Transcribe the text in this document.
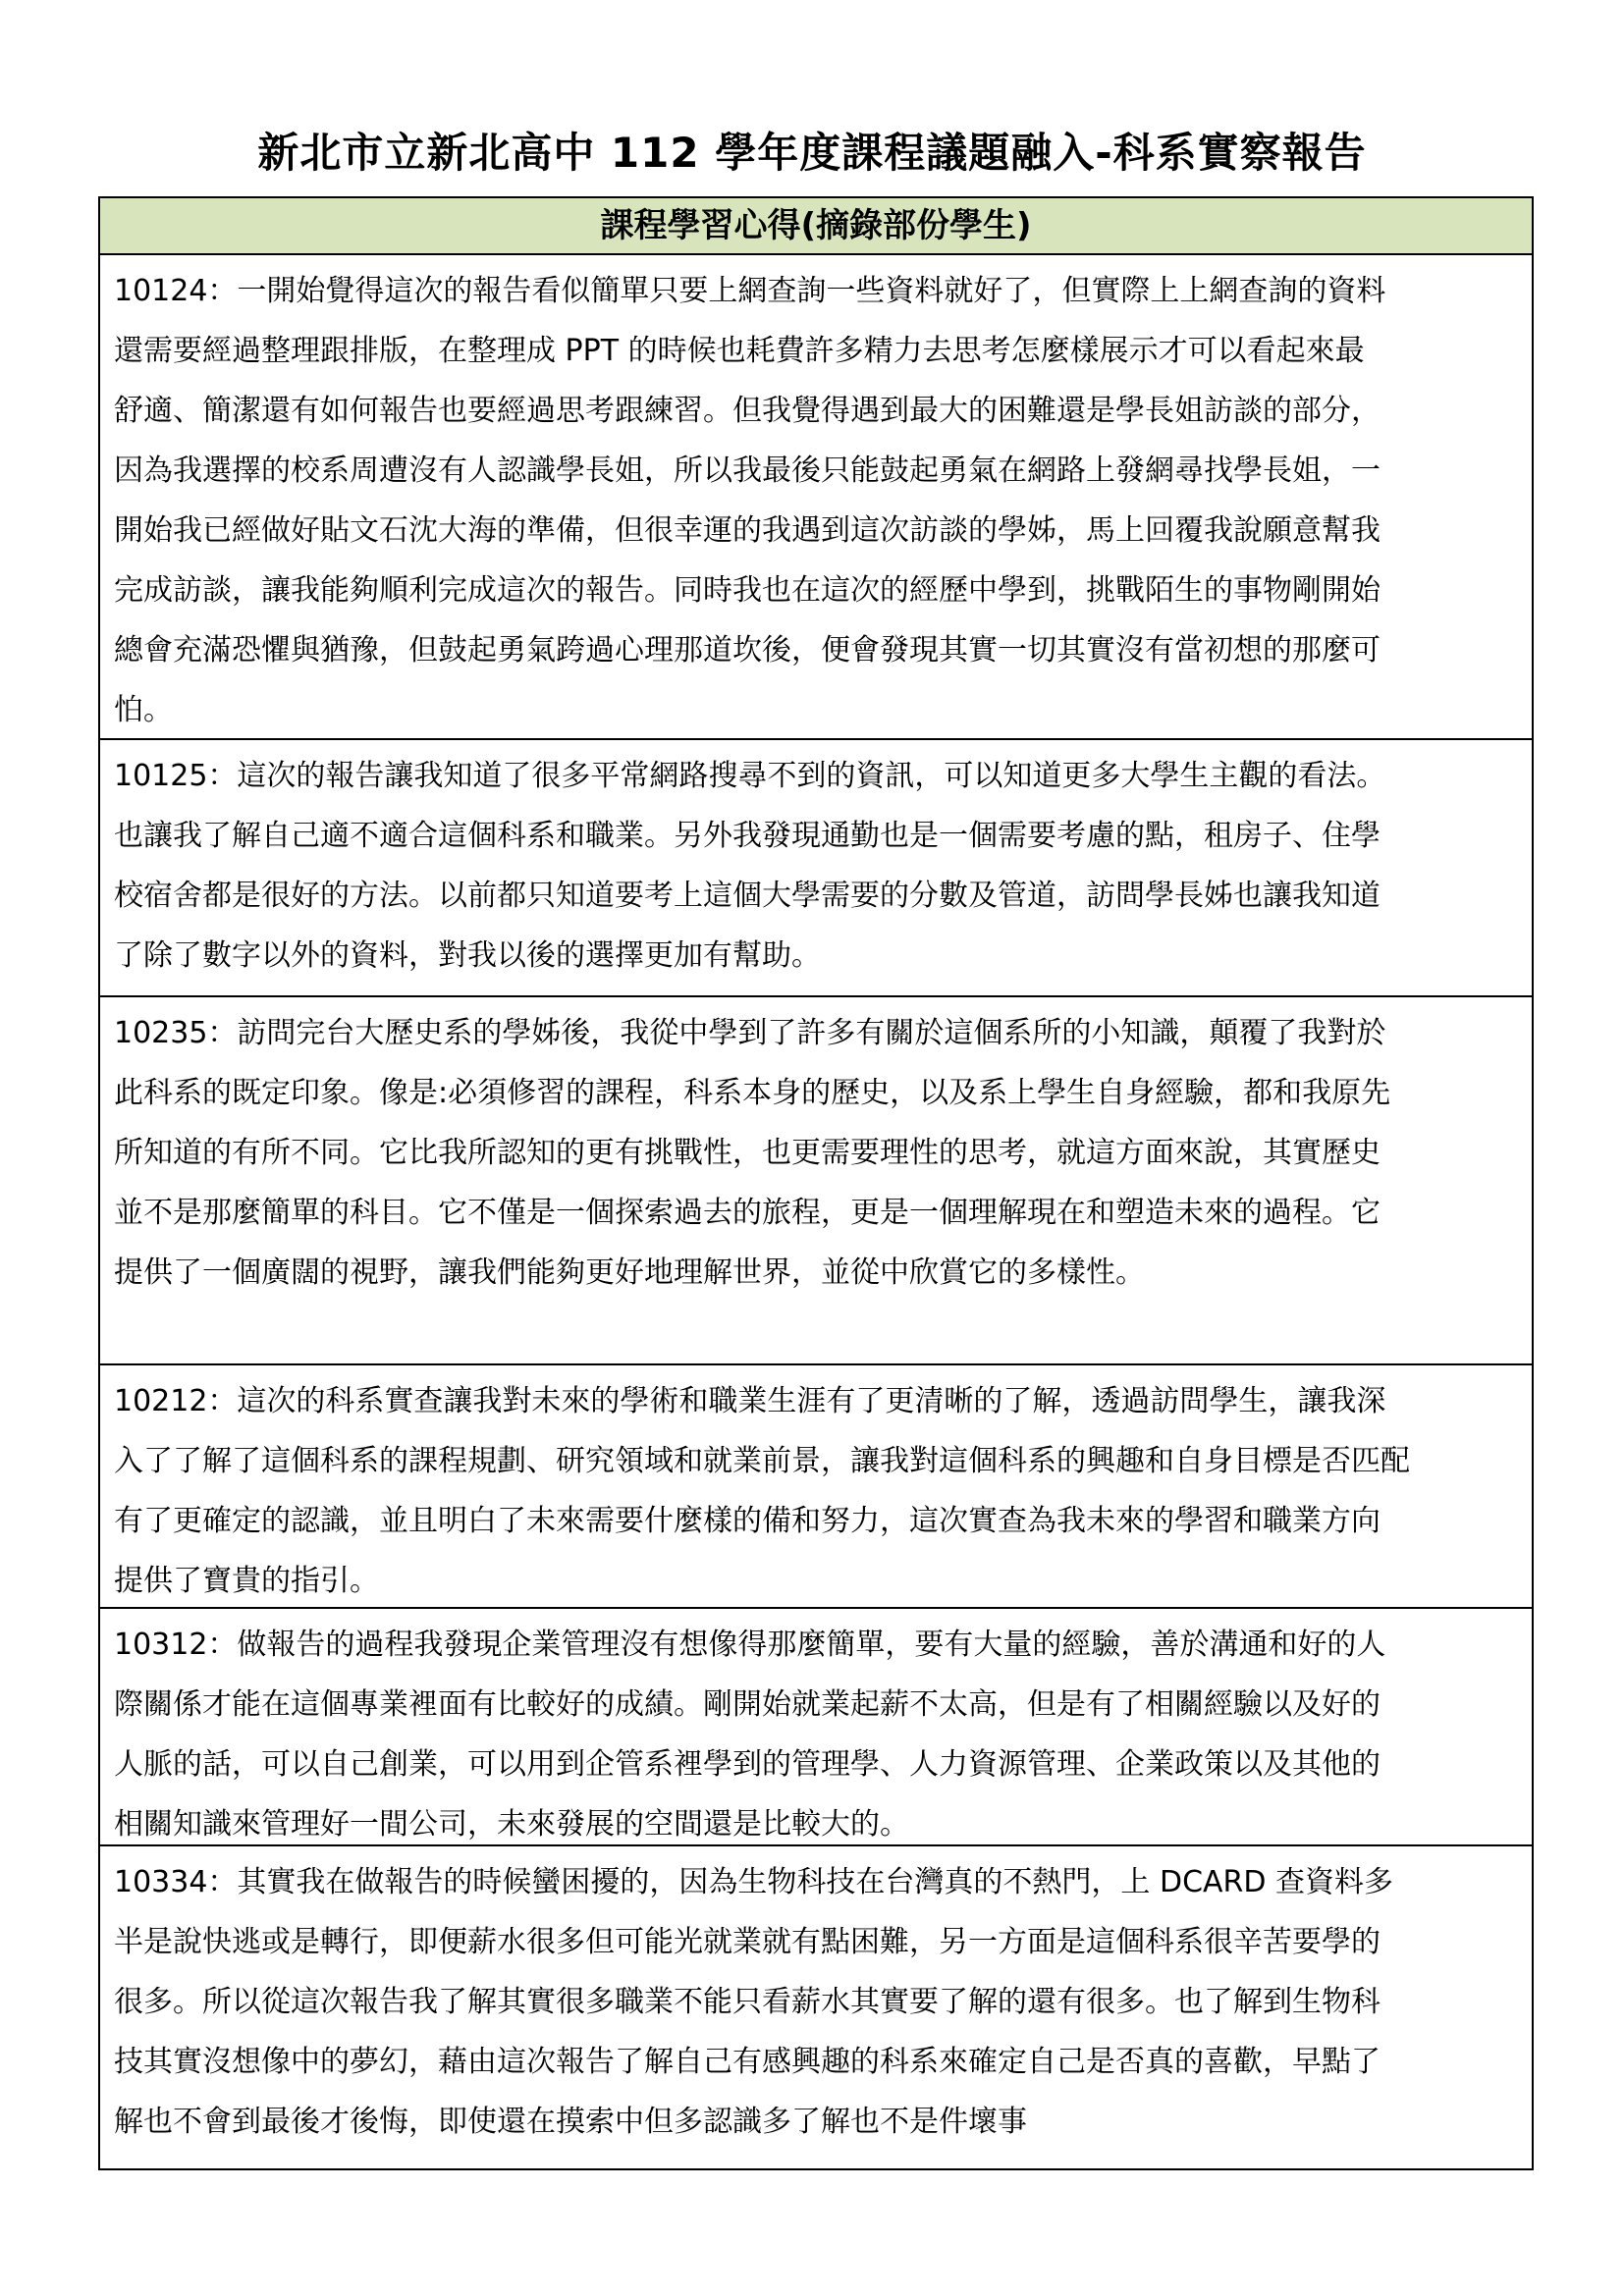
新北市立新北高中 112 學年度課程議題融入-科系實察報告
課程學習心得(摘錄部份學生)
10124：一開始覺得這次的報告看似簡單只要上網查詢一些資料就好了，但實際上上網查詢的資料
還需要經過整理跟排版，在整理成 PPT 的時候也耗費許多精力去思考怎麼樣展示才可以看起來最
舒適、簡潔還有如何報告也要經過思考跟練習。但我覺得遇到最大的困難還是學長姐訪談的部分，
因為我選擇的校系周遭沒有人認識學長姐，所以我最後只能鼓起勇氣在網路上發網尋找學長姐，一
開始我已經做好貼文石沈大海的準備，但很幸運的我遇到這次訪談的學姊，馬上回覆我說願意幫我
完成訪談，讓我能夠順利完成這次的報告。同時我也在這次的經歷中學到，挑戰陌生的事物剛開始
總會充滿恐懼與猶豫，但鼓起勇氣跨過心理那道坎後，便會發現其實一切其實沒有當初想的那麼可
怕。
10125：這次的報告讓我知道了很多平常網路搜尋不到的資訊，可以知道更多大學生主觀的看法。
也讓我了解自己適不適合這個科系和職業。另外我發現通勤也是一個需要考慮的點，租房子、住學
校宿舍都是很好的方法。以前都只知道要考上這個大學需要的分數及管道，訪問學長姊也讓我知道
了除了數字以外的資料，對我以後的選擇更加有幫助。
10235：訪問完台大歷史系的學姊後，我從中學到了許多有關於這個系所的小知識，顛覆了我對於
此科系的既定印象。像是:必須修習的課程，科系本身的歷史，以及系上學生自身經驗，都和我原先
所知道的有所不同。它比我所認知的更有挑戰性，也更需要理性的思考，就這方面來說，其實歷史
並不是那麼簡單的科目。它不僅是一個探索過去的旅程，更是一個理解現在和塑造未來的過程。它
提供了一個廣闊的視野，讓我們能夠更好地理解世界，並從中欣賞它的多樣性。
10212：這次的科系實查讓我對未來的學術和職業生涯有了更清晰的了解，透過訪問學生，讓我深
入了了解了這個科系的課程規劃、研究領域和就業前景，讓我對這個科系的興趣和自身目標是否匹配
有了更確定的認識，並且明白了未來需要什麼樣的備和努力，這次實查為我未來的學習和職業方向
提供了寶貴的指引。
10312：做報告的過程我發現企業管理沒有想像得那麼簡單，要有大量的經驗，善於溝通和好的人
際關係才能在這個專業裡面有比較好的成績。剛開始就業起薪不太高，但是有了相關經驗以及好的
人脈的話，可以自己創業，可以用到企管系裡學到的管理學、人力資源管理、企業政策以及其他的
相關知識來管理好一間公司，未來發展的空間還是比較大的。
10334：其實我在做報告的時候蠻困擾的，因為生物科技在台灣真的不熱門，上 DCARD 查資料多
半是說快逃或是轉行，即便薪水很多但可能光就業就有點困難，另一方面是這個科系很辛苦要學的
很多。所以從這次報告我了解其實很多職業不能只看薪水其實要了解的還有很多。也了解到生物科
技其實沒想像中的夢幻，藉由這次報告了解自己有感興趣的科系來確定自己是否真的喜歡，早點了
解也不會到最後才後悔，即使還在摸索中但多認識多了解也不是件壞事
